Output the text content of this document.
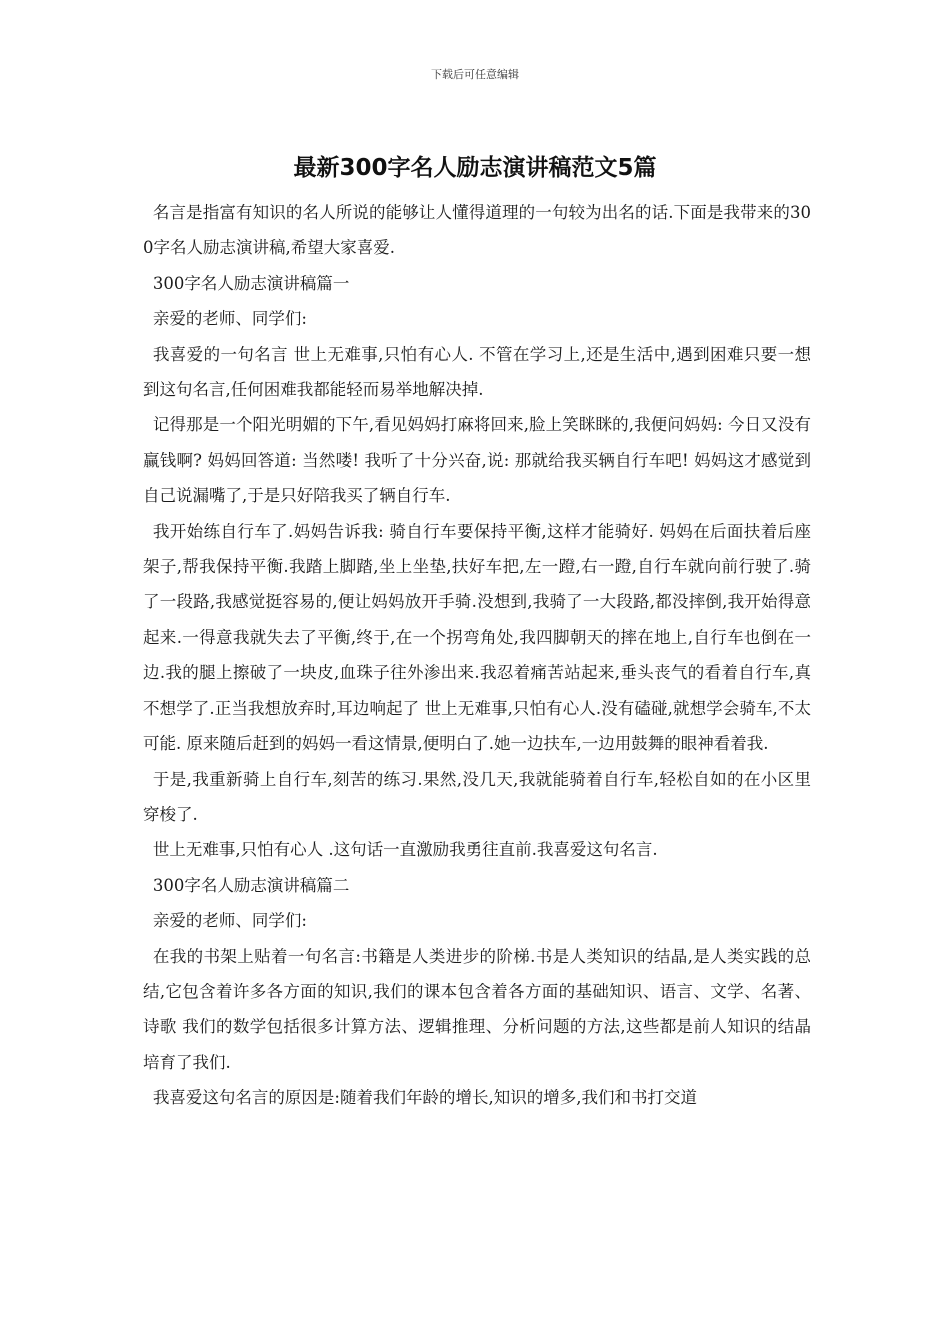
下载后可任意编辑
最新300字名人励志演讲稿范文5篇

名言是指富有知识的名人所说的能够让人懂得道理的一句较为出名的话.下面是我带来的300字名人励志演讲稿,希望大家喜爱.

300字名人励志演讲稿篇一

亲爱的老师、同学们:

我喜爱的一句名言 世上无难事,只怕有心人. 不管在学习上,还是生活中,遇到困难只要一想到这句名言,任何困难我都能轻而易举地解决掉.

记得那是一个阳光明媚的下午,看见妈妈打麻将回来,脸上笑眯眯的,我便问妈妈: 今日又没有赢钱啊? 妈妈回答道: 当然喽! 我听了十分兴奋,说: 那就给我买辆自行车吧! 妈妈这才感觉到自己说漏嘴了,于是只好陪我买了辆自行车.

我开始练自行车了.妈妈告诉我: 骑自行车要保持平衡,这样才能骑好. 妈妈在后面扶着后座架子,帮我保持平衡.我踏上脚踏,坐上坐垫,扶好车把,左一蹬,右一蹬,自行车就向前行驶了.骑了一段路,我感觉挺容易的,便让妈妈放开手骑.没想到,我骑了一大段路,都没摔倒,我开始得意起来.一得意我就失去了平衡,终于,在一个拐弯角处,我四脚朝天的摔在地上,自行车也倒在一边.我的腿上擦破了一块皮,血珠子往外渗出来.我忍着痛苦站起来,垂头丧气的看着自行车,真不想学了.正当我想放弃时,耳边响起了 世上无难事,只怕有心人.没有磕碰,就想学会骑车,不太可能. 原来随后赶到的妈妈一看这情景,便明白了.她一边扶车,一边用鼓舞的眼神看着我.

于是,我重新骑上自行车,刻苦的练习.果然,没几天,我就能骑着自行车,轻松自如的在小区里穿梭了.

世上无难事,只怕有心人 .这句话一直激励我勇往直前.我喜爱这句名言.

300字名人励志演讲稿篇二

亲爱的老师、同学们:

在我的书架上贴着一句名言:书籍是人类进步的阶梯.书是人类知识的结晶,是人类实践的总结,它包含着许多各方面的知识,我们的课本包含着各方面的基础知识、语言、文学、名著、诗歌 我们的数学包括很多计算方法、逻辑推理、分析问题的方法,这些都是前人知识的结晶培育了我们.

我喜爱这句名言的原因是:随着我们年龄的增长,知识的增多,我们和书打交道
